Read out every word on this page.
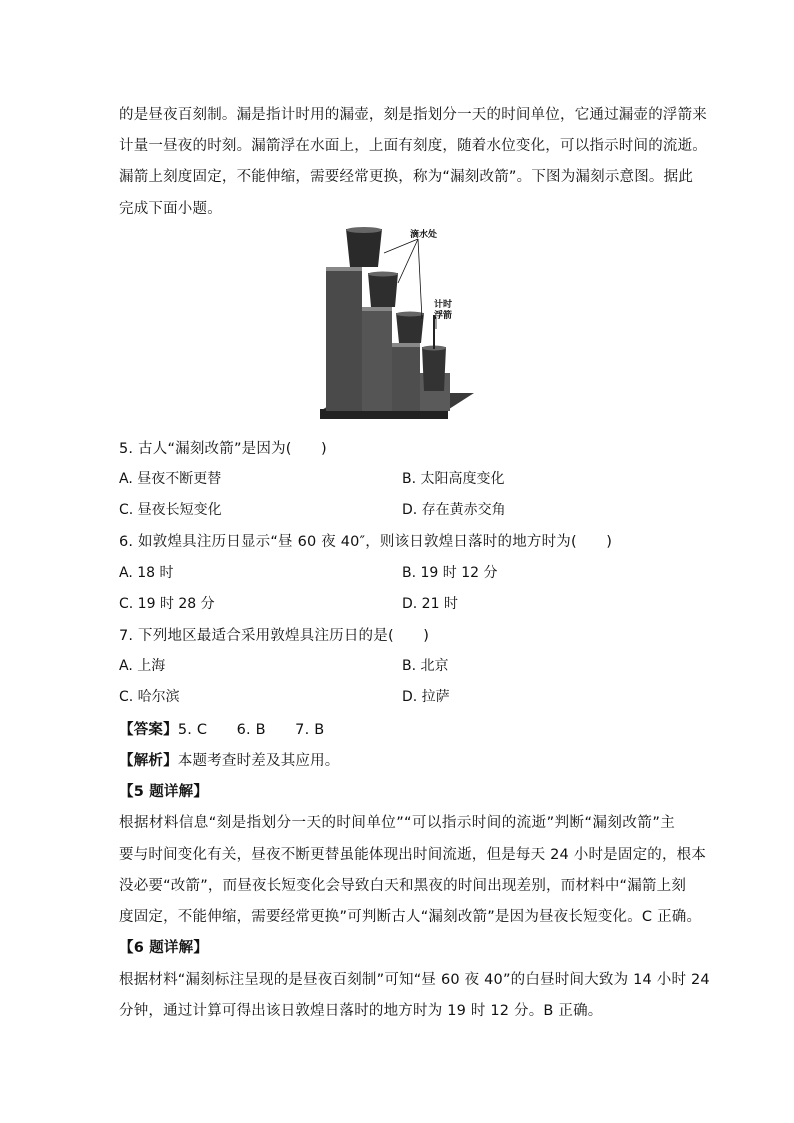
的是昼夜百刻制。漏是指计时用的漏壶，刻是指划分一天的时间单位，它通过漏壶的浮箭来
计量一昼夜的时刻。漏箭浮在水面上，上面有刻度，随着水位变化，可以指示时间的流逝。
漏箭上刻度固定，不能伸缩，需要经常更换，称为“漏刻改箭”。下图为漏刻示意图。据此
完成下面小题。
滴水处
计时
浮箭
5. 古人“漏刻改箭”是因为(　　)
A. 昼夜不断更替	B. 太阳高度变化
C. 昼夜长短变化	D. 存在黄赤交角
6. 如敦煌具注历日显示“昼 60 夜 40″，则该日敦煌日落时的地方时为(　　)
A. 18 时	B. 19 时 12 分
C. 19 时 28 分	D. 21 时
7. 下列地区最适合采用敦煌具注历日的是(　　)
A. 上海	B. 北京
C. 哈尔滨	D. 拉萨
【答案】5. C　　6. B　　7. B
【解析】本题考查时差及其应用。
【5 题详解】
根据材料信息“刻是指划分一天的时间单位”“可以指示时间的流逝”判断“漏刻改箭”主
要与时间变化有关，昼夜不断更替虽能体现出时间流逝，但是每天 24 小时是固定的，根本
没必要“改箭”，而昼夜长短变化会导致白天和黑夜的时间出现差别，而材料中“漏箭上刻
度固定，不能伸缩，需要经常更换”可判断古人“漏刻改箭”是因为昼夜长短变化。C 正确。
【6 题详解】
根据材料“漏刻标注呈现的是昼夜百刻制”可知“昼 60 夜 40”的白昼时间大致为 14 小时 24
分钟，通过计算可得出该日敦煌日落时的地方时为 19 时 12 分。B 正确。
